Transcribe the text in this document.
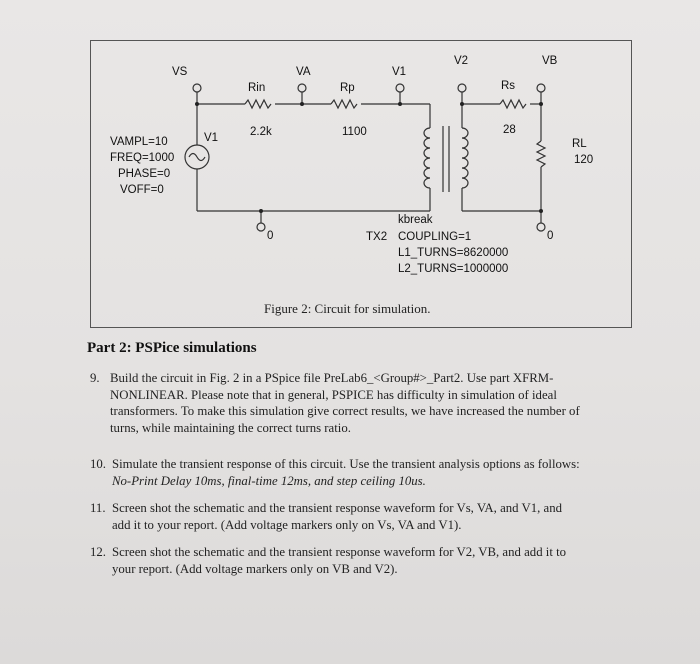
VS	VA	V1
V2	VB
Rin
2.2k
Rp
1100
Rs
28
RL
120
V1
VAMPL=10
FREQ=1000
PHASE=0
VOFF=0
0	0
kbreak
TX2 COUPLING=1
L1_TURNS=8620000
L2_TURNS=1000000
Figure 2: Circuit for simulation.
Part 2: PSPice simulations
9. Build the circuit in Fig. 2 in a PSpice file PreLab6_<Group#>_Part2. Use part XFRM-
NONLINEAR. Please note that in general, PSPICE has difficulty in simulation of ideal
transformers. To make this simulation give correct results, we have increased the number of
turns, while maintaining the correct turns ratio.
10. Simulate the transient response of this circuit. Use the transient analysis options as follows:
No-Print Delay 10ms, final-time 12ms, and step ceiling 10us.
11. Screen shot the schematic and the transient response waveform for Vs, VA, and V1, and
add it to your report. (Add voltage markers only on Vs, VA and V1).
12. Screen shot the schematic and the transient response waveform for V2, VB, and add it to
your report. (Add voltage markers only on VB and V2).
